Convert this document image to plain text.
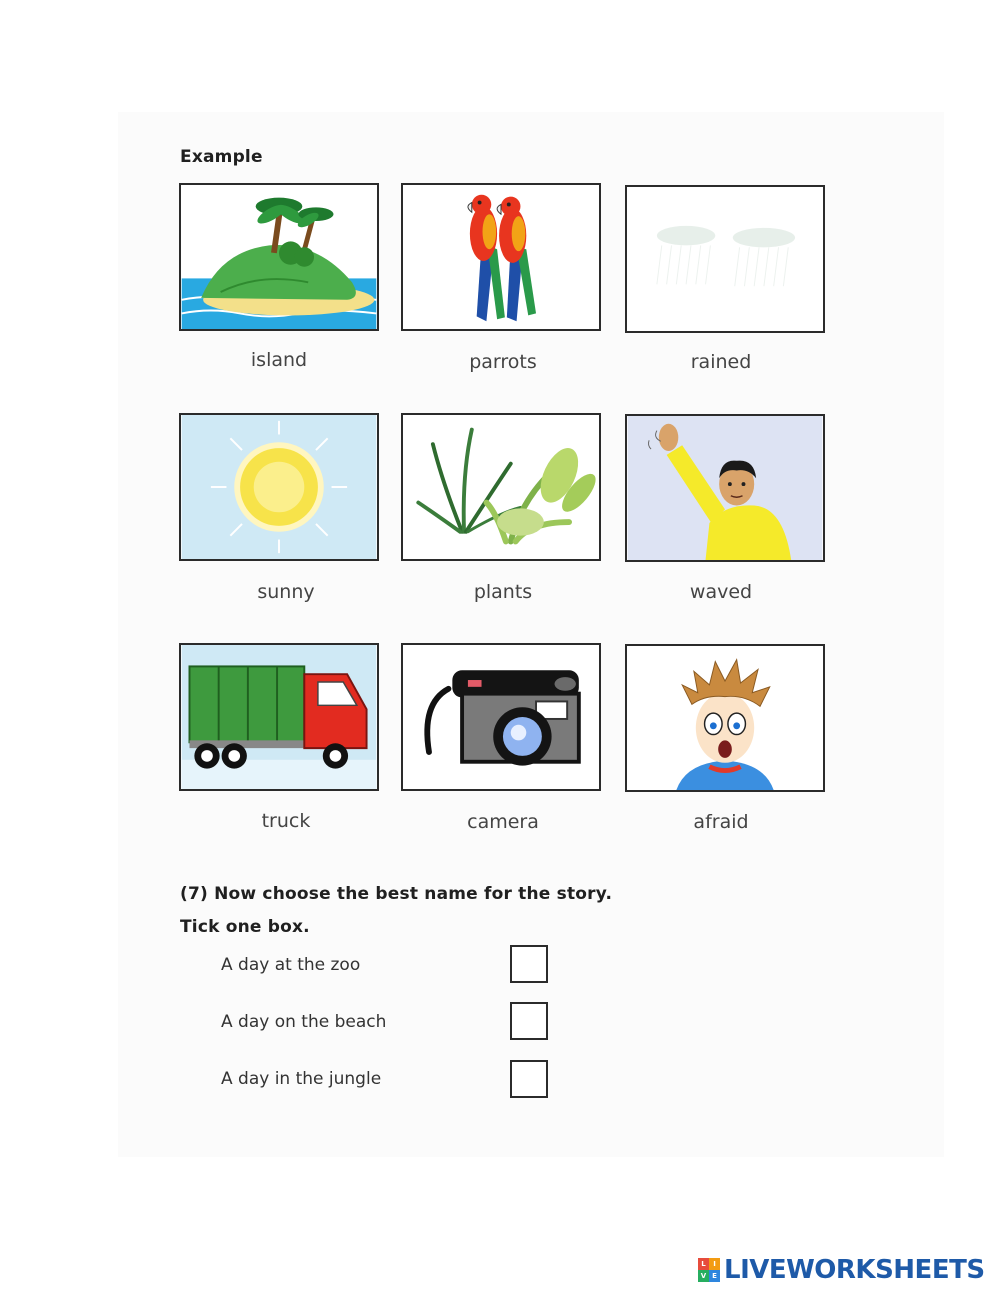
Example
island	parrots	rained
sunny	plants	waved
truck	camera	afraid
(7) Now choose the best name for the story.
Tick one box.
A day at the zoo
A day on the beach
A day in the jungle
L	I
V E LIVEWORKSHEETS
